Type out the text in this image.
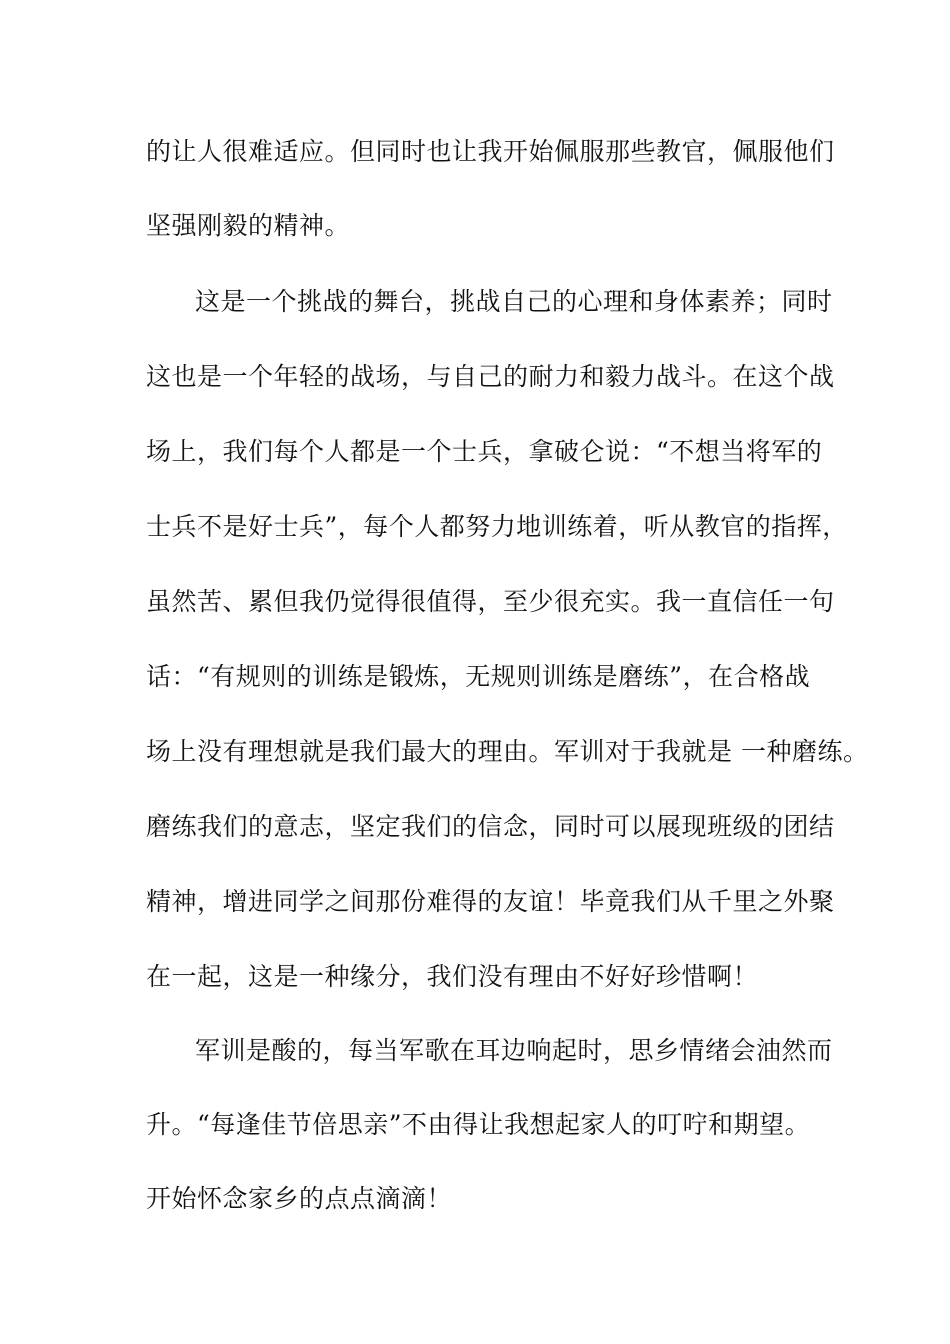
的让人很难适应。但同时也让我开始佩服那些教官，佩服他们

坚强刚毅的精神。

这是一个挑战的舞台，挑战自己的心理和身体素养；同时

这也是一个年轻的战场，与自己的耐力和毅力战斗。在这个战

场上，我们每个人都是一个士兵，拿破仑说：“不想当将军的

士兵不是好士兵”，每个人都努力地训练着，听从教官的指挥，

虽然苦、累但我仍觉得很值得，至少很充实。我一直信任一句

话：“有规则的训练是锻炼，无规则训练是磨练”，在合格战

场上没有理想就是我们最大的理由。军训对于我就是 一种磨练。

磨练我们的意志，坚定我们的信念，同时可以展现班级的团结

精神，增进同学之间那份难得的友谊！毕竟我们从千里之外聚

在一起，这是一种缘分，我们没有理由不好好珍惜啊！

军训是酸的，每当军歌在耳边响起时，思乡情绪会油然而

升。“每逢佳节倍思亲”不由得让我想起家人的叮咛和期望。

开始怀念家乡的点点滴滴！
